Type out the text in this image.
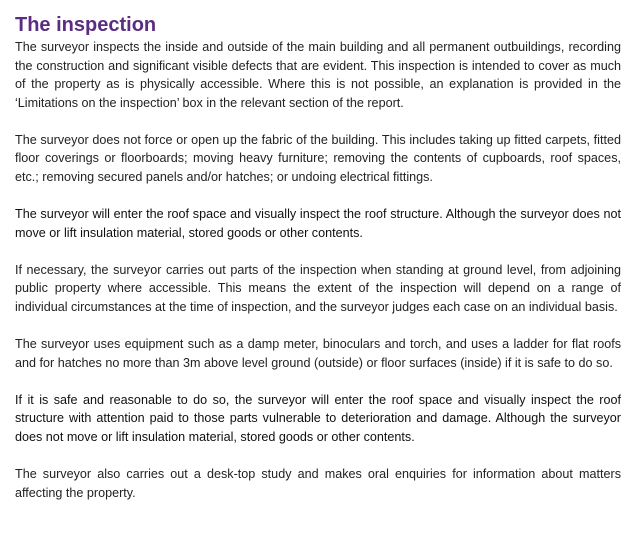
The inspection

The surveyor inspects the inside and outside of the main building and all permanent outbuildings, recording the construction and significant visible defects that are evident. This inspection is intended to cover as much of the property as is physically accessible. Where this is not possible, an explanation is provided in the ‘Limitations on the inspection’ box in the relevant section of the report.

The surveyor does not force or open up the fabric of the building. This includes taking up fitted carpets, fitted floor coverings or floorboards; moving heavy furniture; removing the contents of cupboards, roof spaces, etc.; removing secured panels and/or hatches; or undoing electrical fittings.

The surveyor will enter the roof space and visually inspect the roof structure. Although the surveyor does not move or lift insulation material, stored goods or other contents.

If necessary, the surveyor carries out parts of the inspection when standing at ground level, from adjoining public property where accessible. This means the extent of the inspection will depend on a range of individual circumstances at the time of inspection, and the surveyor judges each case on an individual basis.

The surveyor uses equipment such as a damp meter, binoculars and torch, and uses a ladder for flat roofs and for hatches no more than 3m above level ground (outside) or floor surfaces (inside) if it is safe to do so.

If it is safe and reasonable to do so, the surveyor will enter the roof space and visually inspect the roof structure with attention paid to those parts vulnerable to deterioration and damage. Although the surveyor does not move or lift insulation material, stored goods or other contents.

The surveyor also carries out a desk-top study and makes oral enquiries for information about matters affecting the property.
